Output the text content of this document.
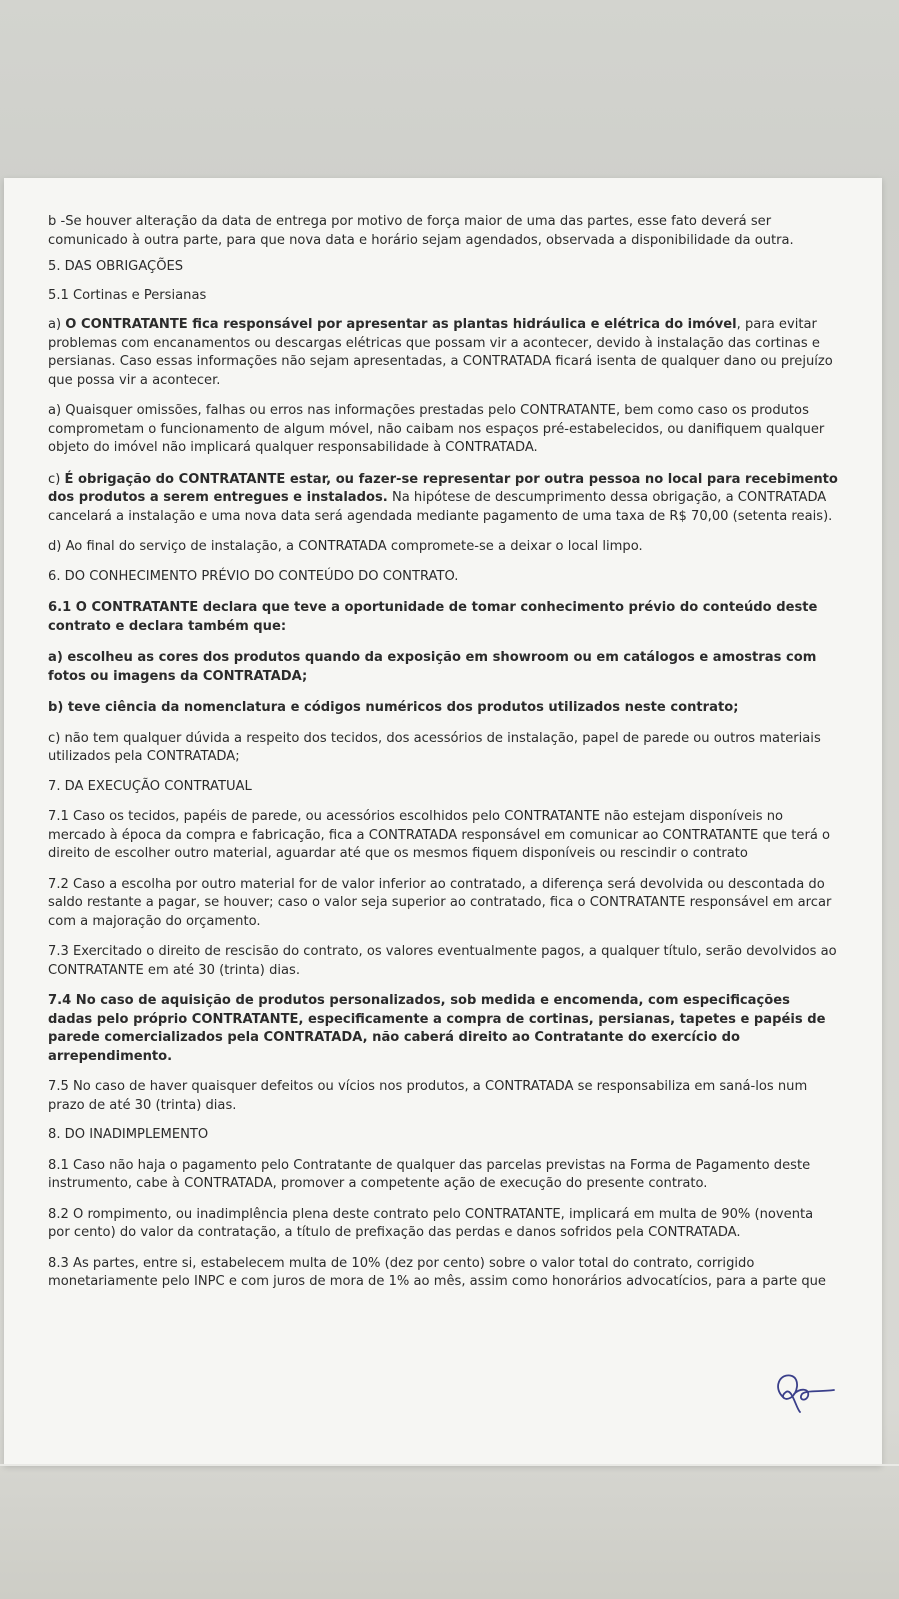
b -Se houver alteração da data de entrega por motivo de força maior de uma das partes, esse fato deverá ser comunicado à outra parte, para que nova data e horário sejam agendados, observada a disponibilidade da outra.

5. DAS OBRIGAÇÕES

5.1 Cortinas e Persianas

a) O CONTRATANTE fica responsável por apresentar as plantas hidráulica e elétrica do imóvel, para evitar problemas com encanamentos ou descargas elétricas que possam vir a acontecer, devido à instalação das cortinas e persianas. Caso essas informações não sejam apresentadas, a CONTRATADA ficará isenta de qualquer dano ou prejuízo que possa vir a acontecer.

a) Quaisquer omissões, falhas ou erros nas informações prestadas pelo CONTRATANTE, bem como caso os produtos comprometam o funcionamento de algum móvel, não caibam nos espaços pré-estabelecidos, ou danifiquem qualquer objeto do imóvel não implicará qualquer responsabilidade à CONTRATADA.

c) É obrigação do CONTRATANTE estar, ou fazer-se representar por outra pessoa no local para recebimento dos produtos a serem entregues e instalados. Na hipótese de descumprimento dessa obrigação, a CONTRATADA cancelará a instalação e uma nova data será agendada mediante pagamento de uma taxa de R$ 70,00 (setenta reais).

d) Ao final do serviço de instalação, a CONTRATADA compromete-se a deixar o local limpo.

6. DO CONHECIMENTO PRÉVIO DO CONTEÚDO DO CONTRATO.

6.1 O CONTRATANTE declara que teve a oportunidade de tomar conhecimento prévio do conteúdo deste contrato e declara também que:

a) escolheu as cores dos produtos quando da exposição em showroom ou em catálogos e amostras com fotos ou imagens da CONTRATADA;

b) teve ciência da nomenclatura e códigos numéricos dos produtos utilizados neste contrato;

c) não tem qualquer dúvida a respeito dos tecidos, dos acessórios de instalação, papel de parede ou outros materiais utilizados pela CONTRATADA;

7. DA EXECUÇÃO CONTRATUAL

7.1 Caso os tecidos, papéis de parede, ou acessórios escolhidos pelo CONTRATANTE não estejam disponíveis no mercado à época da compra e fabricação, fica a CONTRATADA responsável em comunicar ao CONTRATANTE que terá o direito de escolher outro material, aguardar até que os mesmos fiquem disponíveis ou rescindir o contrato

7.2 Caso a escolha por outro material for de valor inferior ao contratado, a diferença será devolvida ou descontada do saldo restante a pagar, se houver; caso o valor seja superior ao contratado, fica o CONTRATANTE responsável em arcar com a majoração do orçamento.

7.3 Exercitado o direito de rescisão do contrato, os valores eventualmente pagos, a qualquer título, serão devolvidos ao CONTRATANTE em até 30 (trinta) dias.

7.4 No caso de aquisição de produtos personalizados, sob medida e encomenda, com especificações dadas pelo próprio CONTRATANTE, especificamente a compra de cortinas, persianas, tapetes e papéis de parede comercializados pela CONTRATADA, não caberá direito ao Contratante do exercício do arrependimento.

7.5 No caso de haver quaisquer defeitos ou vícios nos produtos, a CONTRATADA se responsabiliza em saná-los num prazo de até 30 (trinta) dias.

8. DO INADIMPLEMENTO

8.1 Caso não haja o pagamento pelo Contratante de qualquer das parcelas previstas na Forma de Pagamento deste instrumento, cabe à CONTRATADA, promover a competente ação de execução do presente contrato.

8.2 O rompimento, ou inadimplência plena deste contrato pelo CONTRATANTE, implicará em multa de 90% (noventa por cento) do valor da contratação, a título de prefixação das perdas e danos sofridos pela CONTRATADA.

8.3 As partes, entre si, estabelecem multa de 10% (dez por cento) sobre o valor total do contrato, corrigido monetariamente pelo INPC e com juros de mora de 1% ao mês, assim como honorários advocatícios, para a parte que
